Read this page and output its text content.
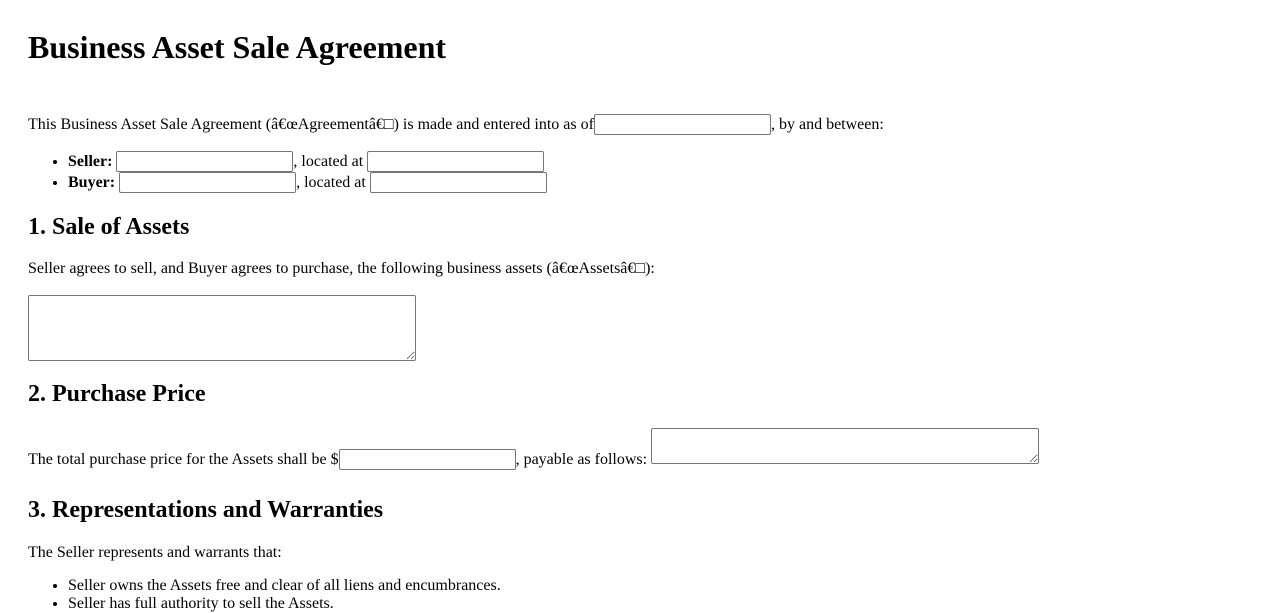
Business Asset Sale Agreement

This Business Asset Sale Agreement (â€œAgreementâ€□) is made and entered into as of	, by and between:

• Seller:	, located at
• Buyer:	, located at
1. Sale of Assets

Seller agrees to sell, and Buyer agrees to purchase, the following business assets (â€œAssetsâ€□):

2. Purchase Price

The total purchase price for the Assets shall be $	, payable as follows:

3. Representations and Warranties

The Seller represents and warrants that:

• Seller owns the Assets free and clear of all liens and encumbrances.
• Seller has full authority to sell the Assets.
